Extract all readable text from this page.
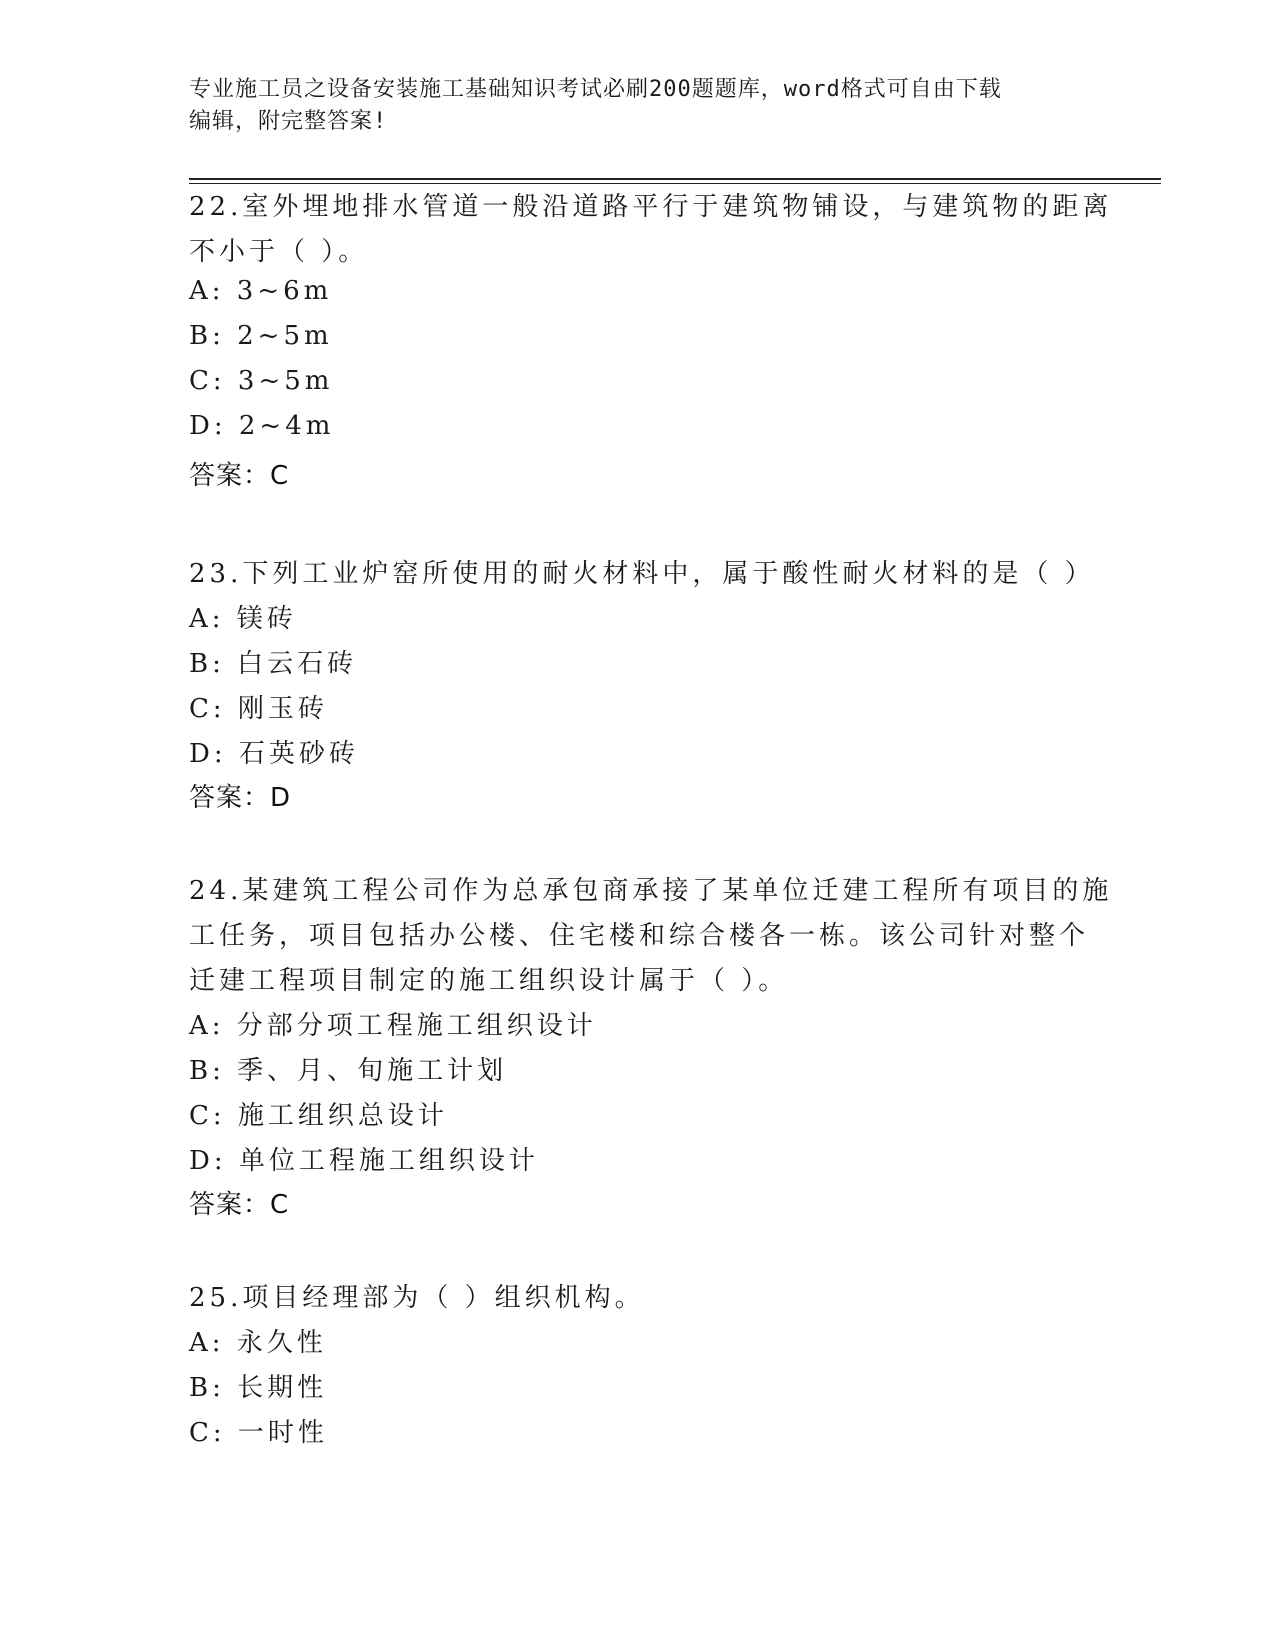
专业施工员之设备安装施工基础知识考试必刷200题题库，word格式可自由下载
编辑，附完整答案!
22.室外埋地排水管道一般沿道路平行于建筑物铺设，与建筑物的距离
不小于（ ）。
A: 3~6m
B: 2~5m
C: 3~5m
D: 2~4m
答案：C
23.下列工业炉窑所使用的耐火材料中，属于酸性耐火材料的是（ ）
A: 镁砖
B: 白云石砖
C: 刚玉砖
D: 石英砂砖
答案：D
24.某建筑工程公司作为总承包商承接了某单位迁建工程所有项目的施
工任务，项目包括办公楼、住宅楼和综合楼各一栋。该公司针对整个
迁建工程项目制定的施工组织设计属于（ ）。
A: 分部分项工程施工组织设计
B: 季、月、旬施工计划
C: 施工组织总设计
D: 单位工程施工组织设计
答案：C
25.项目经理部为（ ）组织机构。
A: 永久性
B: 长期性
C: 一时性
